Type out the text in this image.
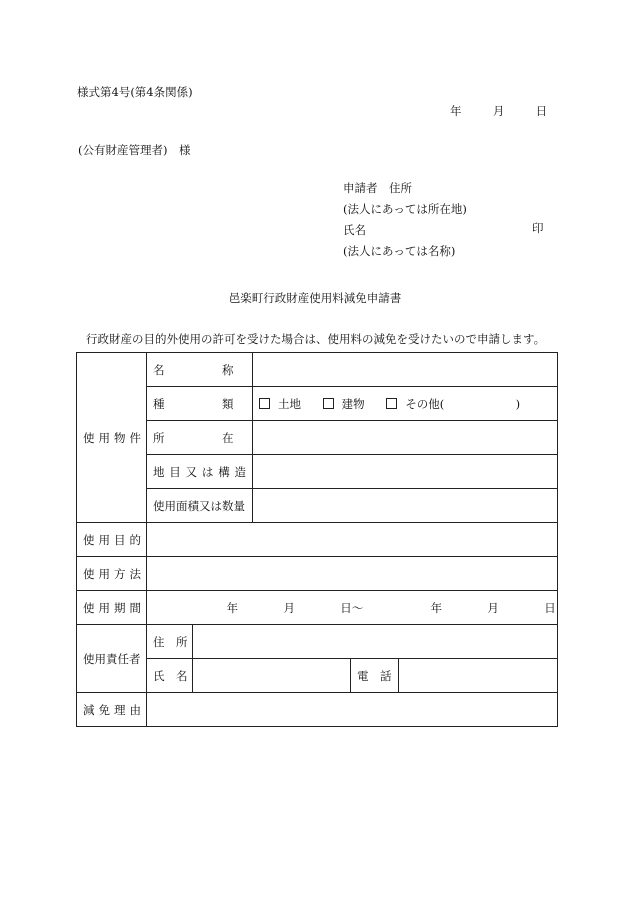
様式第4号(第4条関係)
年	月	日
(公有財産管理者)　様
申請者　住所
(法人にあっては所在地)
氏名
(法人にあっては名称)
印
邑楽町行政財産使用料減免申請書
行政財産の目的外使用の許可を受けた場合は、使用料の減免を受けたいので申請します。
使用物件	名　　　　　称				
	種　　　　　類		土地 建物 その他( )		
	所　　　　　在				
	地目又は構造				
	使用面積又は数量				
使用目的					
使用方法					
使用期間	年 月 日〜 年 月 日				
使用責任者	住　所				
	氏　名			電　話	
減免理由					
